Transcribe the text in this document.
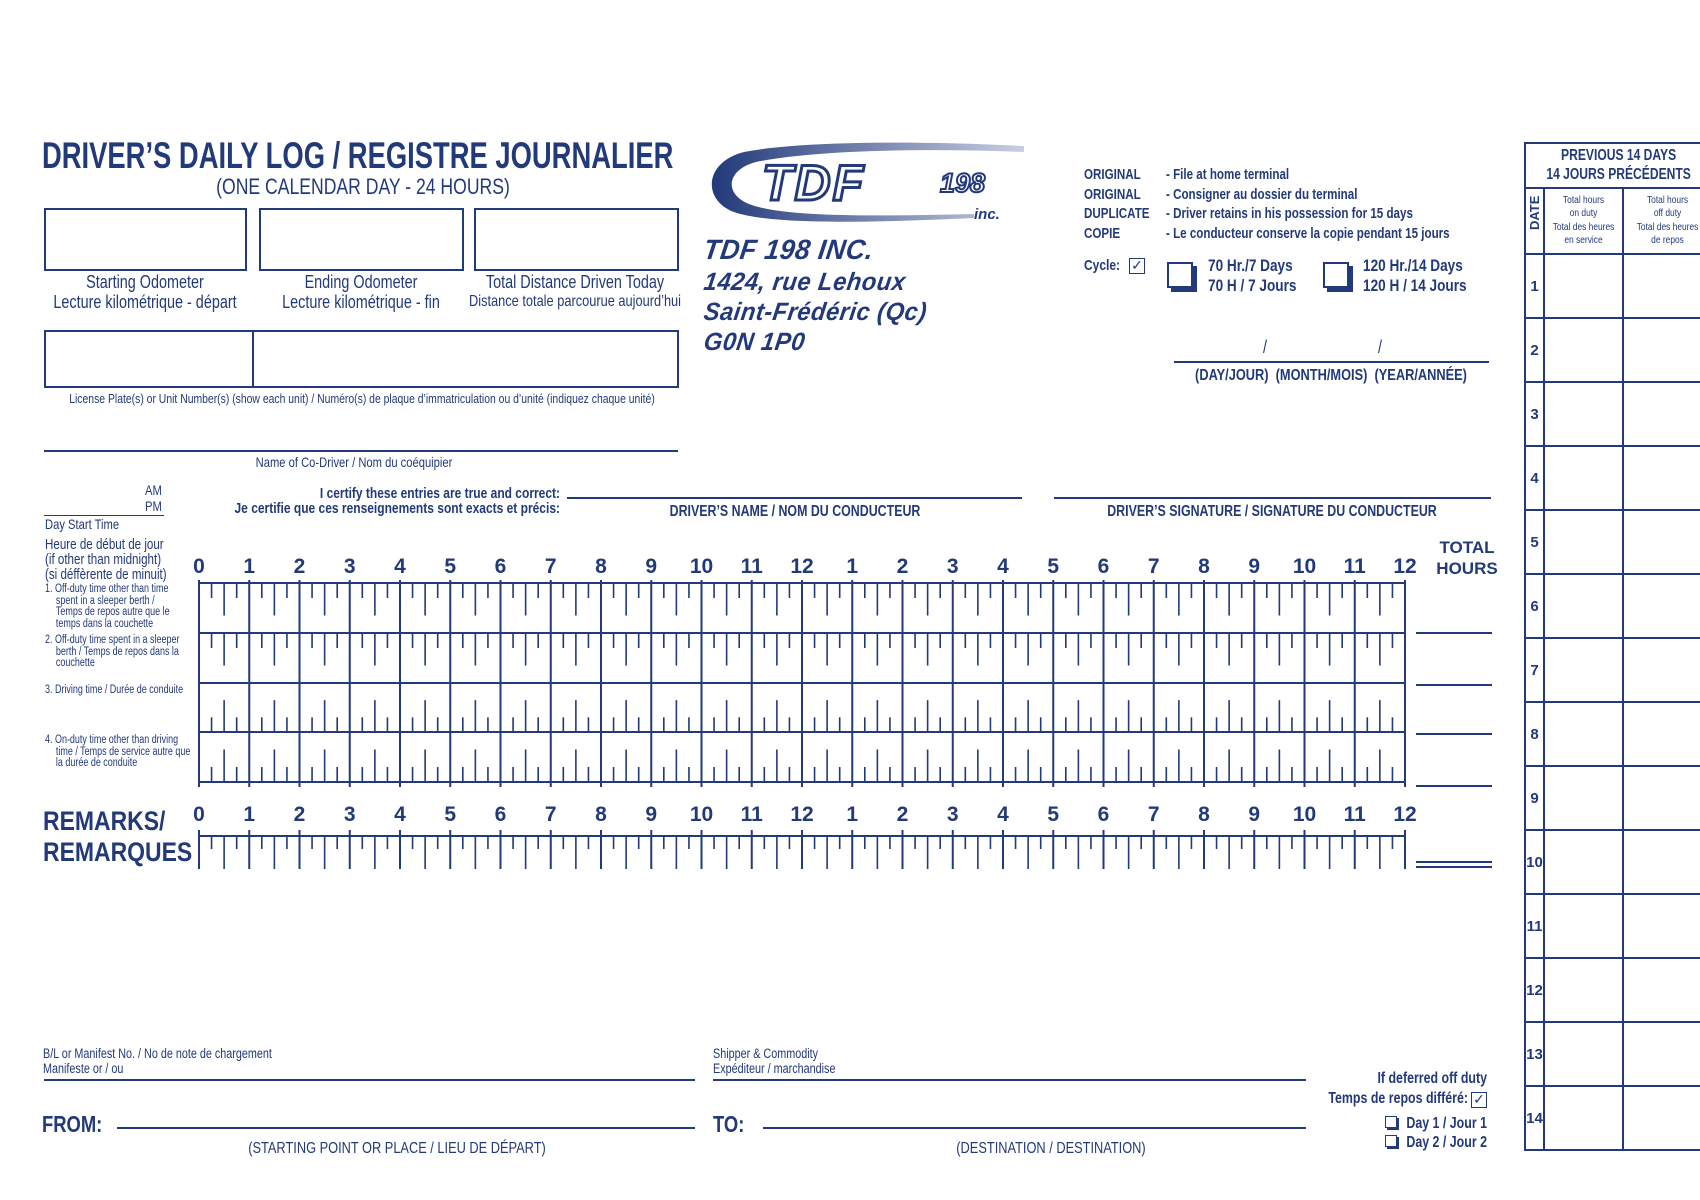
DRIVER’S DAILY LOG / REGISTRE JOURNALIER
(ONE CALENDAR DAY - 24 HOURS)
Starting Odometer
Lecture kilométrique - départ
Ending Odometer
Lecture kilométrique - fin
Total Distance Driven Today
Distance totale parcourue aujourd’hui
License Plate(s) or Unit Number(s) (show each unit) / Numéro(s) de plaque d’immatriculation ou d’unité (indiquez chaque unité)
Name of Co-Driver / Nom du coéquipier
AM
PM
Day Start Time
Heure de début de jour
(if other than midnight)
(si déffèrente de minuit)
I certify these entries are true and correct:
Je certifie que ces renseignements sont exacts et précis:	DRIVER’S NAME / NOM DU CONDUCTEUR	DRIVER’S SIGNATURE / SIGNATURE DU CONDUCTEUR
TDF	198
inc.
TDF 198 INC.
1424, rue Lehoux
Saint-Frédéric (Qc)
G0N 1P0
ORIGINAL - File at home terminal
ORIGINAL - Consigner au dossier du terminal
DUPLICATE - Driver retains in his possession for 15 days
COPIE	- Le conducteur conserve la copie pendant 15 jours
Cycle: ✓	70 Hr./7 Days
70 H / 7 Jours
120 Hr./14 Days
120 H / 14 Jours
/	/
(DAY/JOUR)  (MONTH/MOIS)  (YEAR/ANNÉE)
0 1 2 3 4 5 6 7 8 9 10 11 12 1 2 3 4 5 6 7 8 9 10 11 12
0 1 2 3 4 5 6 7 8 9 10 11 12 1 2 3 4 5 6 7 8 9 10 11 12
1. Off-duty time other than time
spent in a sleeper berth /
Temps de repos autre que le
temps dans la couchette
2. Off-duty time spent in a sleeper
berth / Temps de repos dans la
couchette
3. Driving time / Durée de conduite
4. On-duty time other than driving
time / Temps de service autre que
la durée de conduite
TOTAL
HOURS
REMARKS/
REMARQUES
B/L or Manifest No. / No de note de chargement
Manifeste or / ou
Shipper & Commodity
Expéditeur / marchandise
FROM:
(STARTING POINT OR PLACE / LIEU DE DÉPART)
TO:
(DESTINATION / DESTINATION)
If deferred off duty
Temps de repos différé: ✓
Day 1 / Jour 1
Day 2 / Jour 2
PREVIOUS 14 DAYS
14 JOURS PRÉCÉDENTS		

DATE	Total hours
on duty
Total des heures
en service	Total hours
off duty
Total des heures
de repos
1		
2		
3		
4		
5		
6		
7		
8		
9		
10		
11		
12		
13		
14		
